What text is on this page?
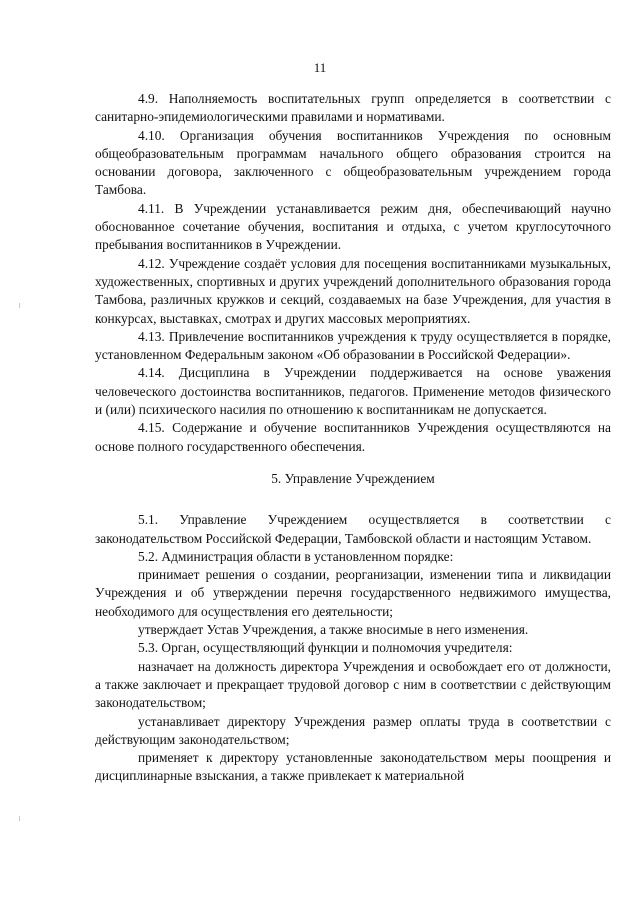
11

4.9. Наполняемость воспитательных групп определяется в соответствии с санитарно-эпидемиологическими правилами и нормативами.

4.10. Организация обучения воспитанников Учреждения по основным общеобразовательным программам начального общего образования строится на основании договора, заключенного с общеобразовательным учреждением города Тамбова.

4.11. В Учреждении устанавливается режим дня, обеспечивающий научно обоснованное сочетание обучения, воспитания и отдыха, с учетом круглосуточного пребывания воспитанников в Учреждении.

4.12. Учреждение создаёт условия для посещения воспитанниками музыкальных, художественных, спортивных и других учреждений дополнительного образования города Тамбова, различных кружков и секций, создаваемых на базе Учреждения, для участия в конкурсах, выставках, смотрах и других массовых мероприятиях.

4.13. Привлечение воспитанников учреждения к труду осуществляется в порядке, установленном Федеральным законом «Об образовании в Российской Федерации».

4.14. Дисциплина в Учреждении поддерживается на основе уважения человеческого достоинства воспитанников, педагогов. Применение методов физического и (или) психического насилия по отношению к воспитанникам не допускается.

4.15. Содержание и обучение воспитанников Учреждения осуществляются на основе полного государственного обеспечения.

5. Управление Учреждением

5.1. Управление Учреждением осуществляется в соответствии с законодательством Российской Федерации, Тамбовской области и настоящим Уставом.

5.2. Администрация области в установленном порядке:

принимает решения о создании, реорганизации, изменении типа и ликвидации Учреждения и об утверждении перечня государственного недвижимого имущества, необходимого для осуществления его деятельности;

утверждает Устав Учреждения, а также вносимые в него изменения.

5.3. Орган, осуществляющий функции и полномочия учредителя:

назначает на должность директора Учреждения и освобождает его от должности, а также заключает и прекращает трудовой договор с ним в соответствии с действующим законодательством;

устанавливает директору Учреждения размер оплаты труда в соответствии с действующим законодательством;

применяет к директору установленные законодательством меры поощрения и дисциплинарные взыскания, а также привлекает к материальной
